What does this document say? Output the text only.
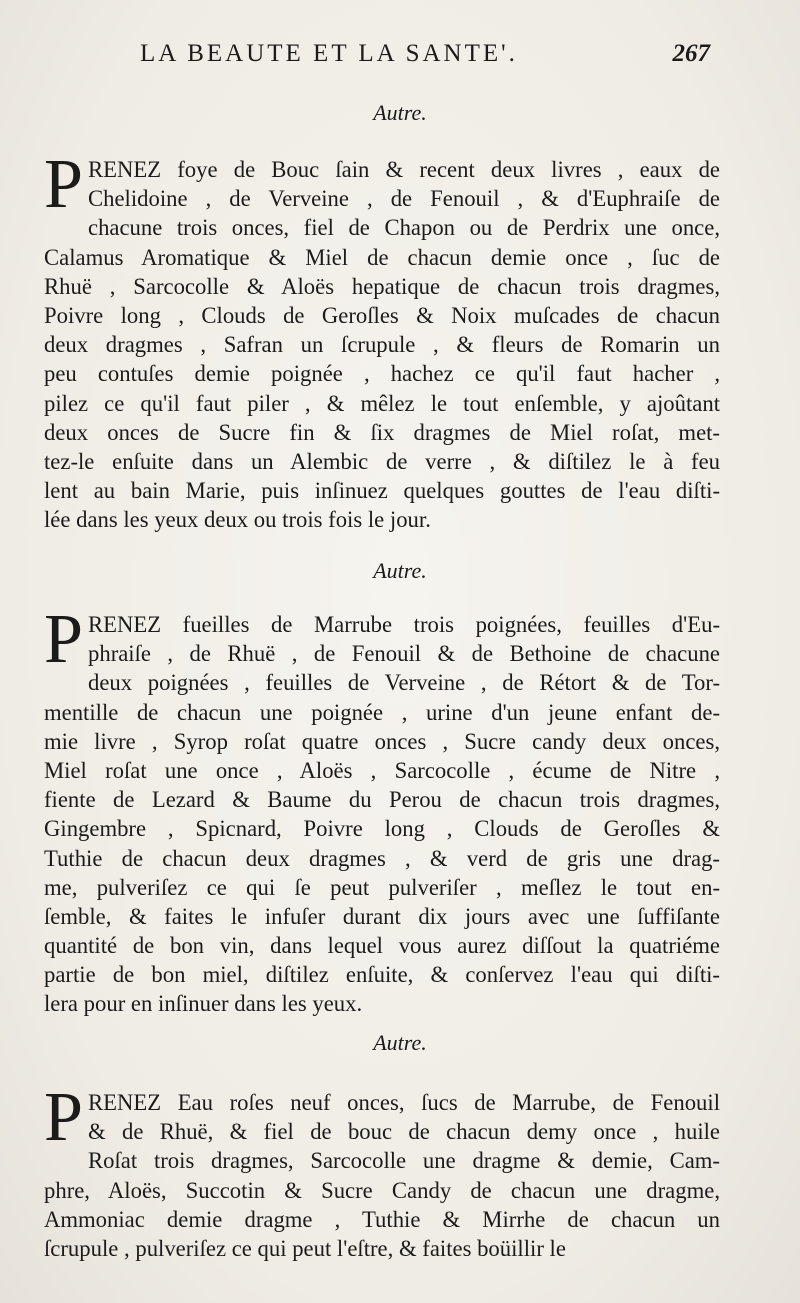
LA BEAUTE ET LA SANTE'.	267
Autre.
P RENEZ foye de Bouc ſain & recent deux livres , eaux de
Chelidoine , de Verveine , de Fenouil , & d'Euphraiſe de
chacune trois onces, fiel de Chapon ou de Perdrix une once,
Calamus Aromatique & Miel de chacun demie once , ſuc de
Rhuë , Sarcocolle & Aloës hepatique de chacun trois dragmes,
Poivre long , Clouds de Geroſles & Noix muſcades de chacun
deux dragmes , Safran un ſcrupule , & fleurs de Romarin un
peu contuſes demie poignée , hachez ce qu'il faut hacher ,
pilez ce qu'il faut piler , & mêlez le tout enſemble, y ajoûtant
deux onces de Sucre fin & ſix dragmes de Miel roſat, met-
tez-le enſuite dans un Alembic de verre , & diſtilez le à feu
lent au bain Marie, puis inſinuez quelques gouttes de l'eau diſti-
lée dans les yeux deux ou trois fois le jour.
Autre.
P RENEZ fueilles de Marrube trois poignées, feuilles d'Eu-
phraiſe , de Rhuë , de Fenouil & de Bethoine de chacune
deux poignées , feuilles de Verveine , de Rétort & de Tor-
mentille de chacun une poignée , urine d'un jeune enfant de-
mie livre , Syrop roſat quatre onces , Sucre candy deux onces,
Miel roſat une once , Aloës , Sarcocolle , écume de Nitre ,
fiente de Lezard & Baume du Perou de chacun trois dragmes,
Gingembre , Spicnard, Poivre long , Clouds de Geroſles &
Tuthie de chacun deux dragmes , & verd de gris une drag-
me, pulveriſez ce qui ſe peut pulveriſer , meſlez le tout en-
ſemble, & faites le infuſer durant dix jours avec une ſuffiſante
quantité de bon vin, dans lequel vous aurez diſſout la quatriéme
partie de bon miel, diſtilez enſuite, & conſervez l'eau qui diſti-
lera pour en inſinuer dans les yeux.
Autre.
P RENEZ Eau roſes neuf onces, ſucs de Marrube, de Fenouil
& de Rhuë, & fiel de bouc de chacun demy once , huile
Roſat trois dragmes, Sarcocolle une dragme & demie, Cam-
phre, Aloës, Succotin & Sucre Candy de chacun une dragme,
Ammoniac demie dragme , Tuthie & Mirrhe de chacun un
ſcrupule , pulveriſez ce qui peut l'eſtre, & faites boüillir le
